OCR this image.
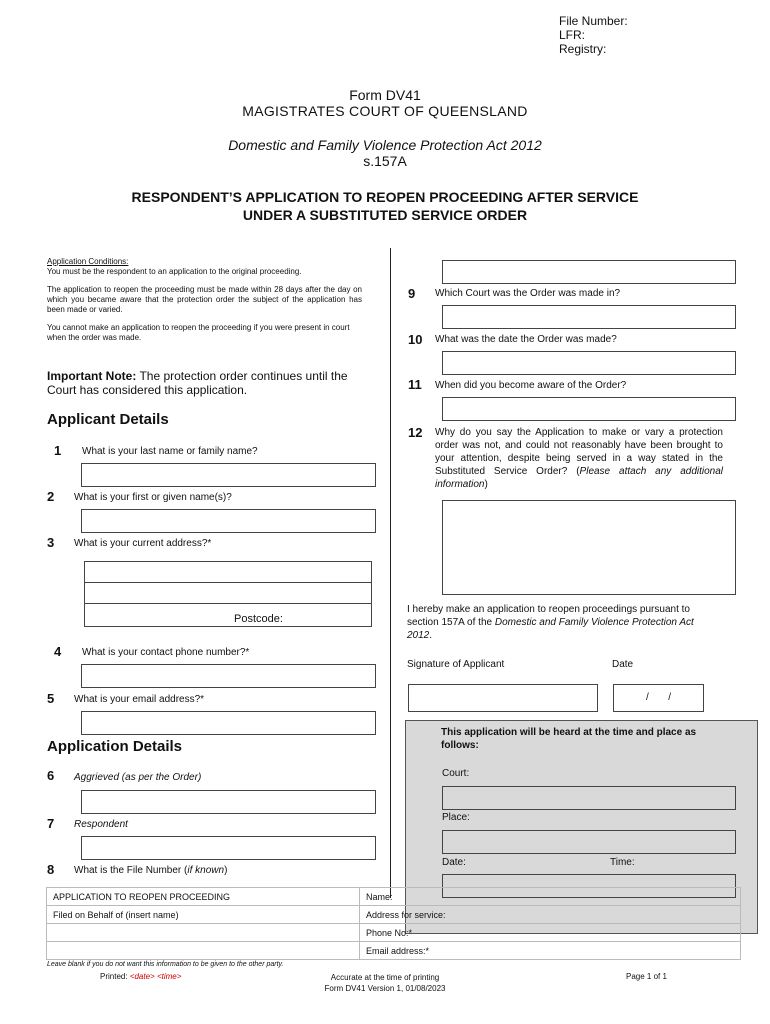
File Number:
LFR:
Registry:
Form DV41
MAGISTRATES COURT OF QUEENSLAND
Domestic and Family Violence Protection Act 2012
s.157A
RESPONDENT’S APPLICATION TO REOPEN PROCEEDING AFTER SERVICE
UNDER A SUBSTITUTED SERVICE ORDER
Application Conditions:
You must be the respondent to an application to the original proceeding.
The application to reopen the proceeding must be made within 28 days after the day on which you became aware that the protection order the subject of the application has been made or varied.
You cannot make an application to reopen the proceeding if you were present in court when the order was made.
Important Note: The protection order continues until the Court has considered this application.
Applicant Details
1 What is your last name or family name?
2 What is your first or given name(s)?
3 What is your current address?*
Postcode:
4 What is your contact phone number?*
5 What is your email address?*
Application Details
6 Aggrieved (as per the Order)
7 Respondent
8 What is the File Number (if known)
9 Which Court was the Order was made in?
10 What was the date the Order was made?
11 When did you become aware of the Order?
12 Why do you say the Application to make or vary a protection order was not, and could not reasonably have been brought to your attention, despite being served in a way stated in the Substituted Service Order? (Please attach any additional information)
I hereby make an application to reopen proceedings pursuant to section 157A of the Domestic and Family Violence Protection Act 2012.
Signature of Applicant	Date
/       /
This application will be heard at the time and place as follows:
Court:
Place:
Date:	Time:
APPLICATION TO REOPEN PROCEEDING	Name:
Filed on Behalf of (insert name)	Address for service:
	Phone No:*
	Email address:*
Leave blank if you do not want this information to be given to the other party.
Printed: <date> <time>	Accurate at the time of printing
Form DV41 Version 1, 01/08/2023
Page 1 of 1
